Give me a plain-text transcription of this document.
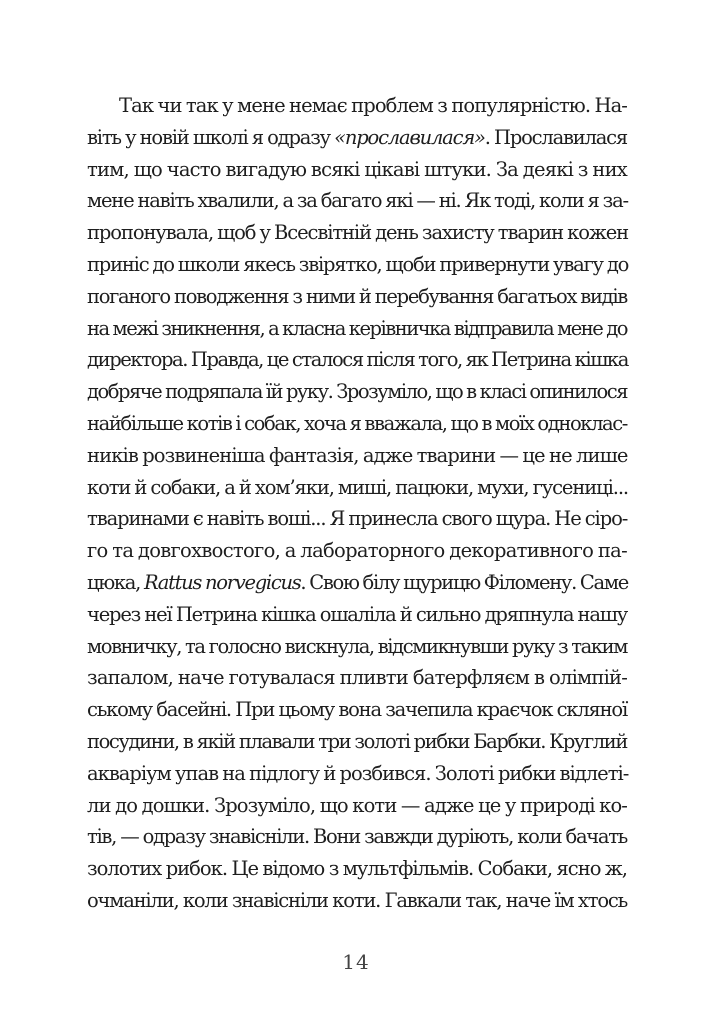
Так чи так у мене немає проблем з популярністю. На-
віть у новій школі я одразу «прославилася». Прославилася
тим, що часто вигадую всякі цікаві штуки. За деякі з них
мене навіть хвалили, а за багато які — ні. Як тоді, коли я за-
пропонувала, щоб у Всесвітній день захисту тварин кожен
приніс до школи якесь звірятко, щоби привернути увагу до
поганого поводження з ними й перебування багатьох видів
на межі зникнення, а класна керівничка відправила мене до
директора. Правда, це сталося після того, як Петрина кішка
добряче подряпала їй руку. Зрозуміло, що в класі опинилося
найбільше котів і собак, хоча я вважала, що в моїх одноклас-
ників розвиненіша фантазія, адже тварини — це не лише
коти й собаки, а й хом’яки, миші, пацюки, мухи, гусениці...
тваринами є навіть воші... Я принесла свого щура. Не сіро-
го та довгохвостого, а лабораторного декоративного па-
цюка, Rattus norvegicus. Свою білу щурицю Філомену. Саме
через неї Петрина кішка ошаліла й сильно дряпнула нашу
мовничку, та голосно вискнула, відсмикнувши руку з таким
запалом, наче готувалася пливти батерфляєм в олімпій-
ському басейні. При цьому вона зачепила краєчок скляної
посудини, в якій плавали три золоті рибки Барбки. Круглий
акваріум упав на підлогу й розбився. Золоті рибки відлеті-
ли до дошки. Зрозуміло, що коти — адже це у природі ко-
тів, — одразу знавісніли. Вони завжди дуріють, коли бачать
золотих рибок. Це відомо з мультфільмів. Собаки, ясно ж,
очманіли, коли знавісніли коти. Гавкали так, наче їм хтось
14
